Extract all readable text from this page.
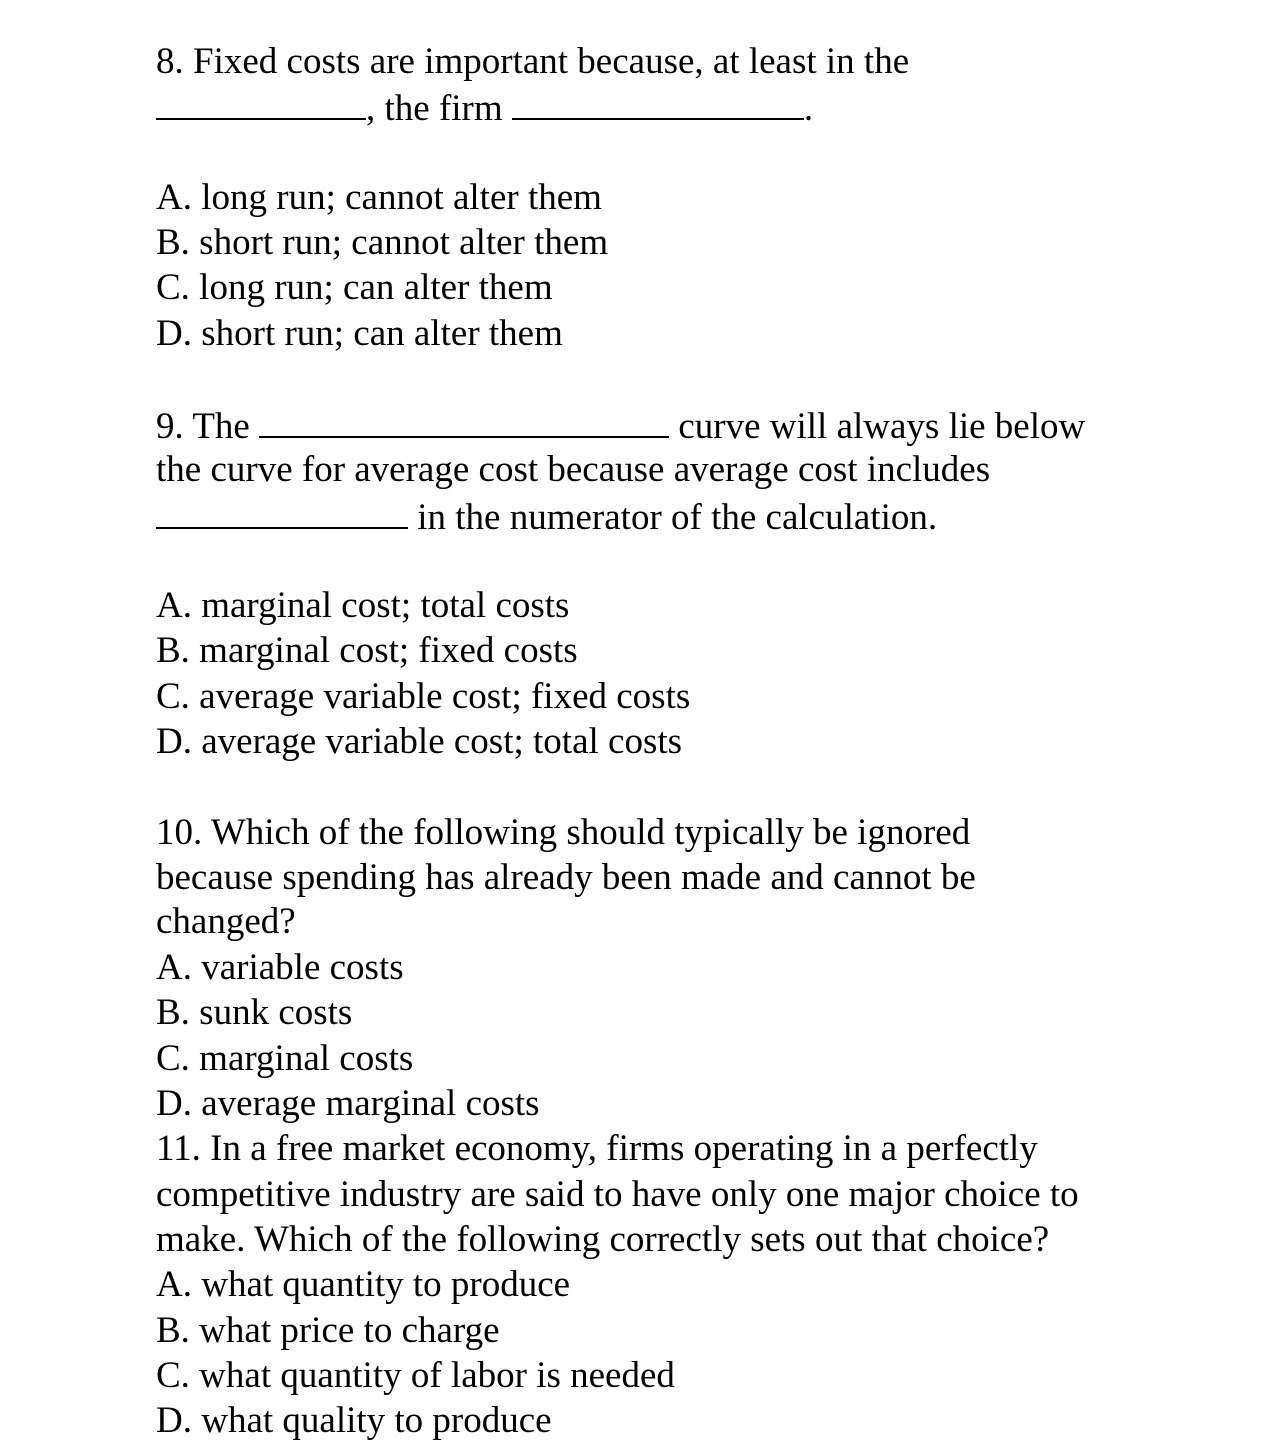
8. Fixed costs are important because, at least in the
, the firm	.
A. long run; cannot alter them
B. short run; cannot alter them
C. long run; can alter them
D. short run; can alter them
9. The	curve will always lie below
the curve for average cost because average cost includes
in the numerator of the calculation.
A. marginal cost; total costs
B. marginal cost; fixed costs
C. average variable cost; fixed costs
D. average variable cost; total costs
10. Which of the following should typically be ignored
because spending has already been made and cannot be
changed?
A. variable costs
B. sunk costs
C. marginal costs
D. average marginal costs
11. In a free market economy, firms operating in a perfectly
competitive industry are said to have only one major choice to
make. Which of the following correctly sets out that choice?
A. what quantity to produce
B. what price to charge
C. what quantity of labor is needed
D. what quality to produce
